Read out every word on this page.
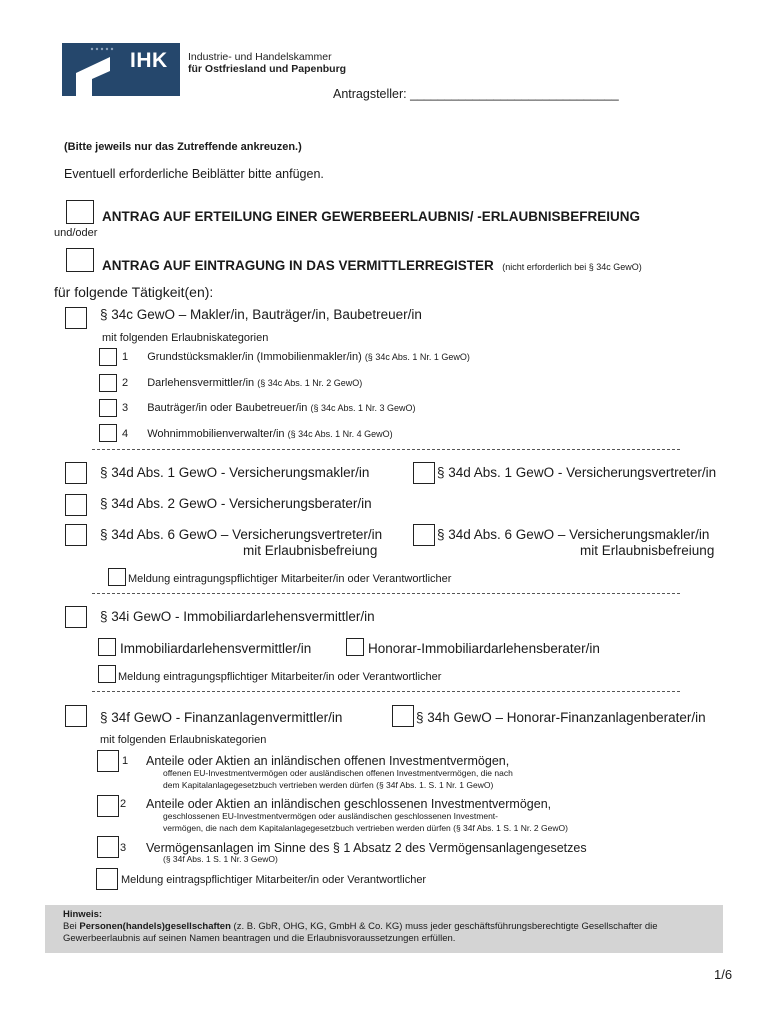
IHK Industrie- und Handelskammer
für Ostfriesland und Papenburg
Antragsteller: ______________________________
(Bitte jeweils nur das Zutreffende ankreuzen.)
Eventuell erforderliche Beiblätter bitte anfügen.
ANTRAG AUF ERTEILUNG EINER GEWERBEERLAUBNIS/ -ERLAUBNISBEFREIUNG
und/oder
ANTRAG AUF EINTRAGUNG IN DAS VERMITTLERREGISTER (nicht erforderlich bei § 34c GewO)
für folgende Tätigkeit(en):
§ 34c GewO – Makler/in, Bauträger/in, Baubetreuer/in
mit folgenden Erlaubniskategorien
1 Grundstücksmakler/in (Immobilienmakler/in) (§ 34c Abs. 1 Nr. 1 GewO)
2 Darlehensvermittler/in (§ 34c Abs. 1 Nr. 2 GewO)
3 Bauträger/in oder Baubetreuer/in (§ 34c Abs. 1 Nr. 3 GewO)
4 Wohnimmobilienverwalter/in (§ 34c Abs. 1 Nr. 4 GewO)
§ 34d Abs. 1 GewO - Versicherungsmakler/in	§ 34d Abs. 1 GewO - Versicherungsvertreter/in
§ 34d Abs. 2 GewO - Versicherungsberater/in
§ 34d Abs. 6 GewO – Versicherungsvertreter/in
mit Erlaubnisbefreiung
§ 34d Abs. 6 GewO – Versicherungsmakler/in
mit Erlaubnisbefreiung
Meldung eintragungspflichtiger Mitarbeiter/in oder Verantwortlicher
§ 34i GewO - Immobiliardarlehensvermittler/in
Immobiliardarlehensvermittler/in	Honorar-Immobiliardarlehensberater/in
Meldung eintragungspflichtiger Mitarbeiter/in oder Verantwortlicher
§ 34f GewO - Finanzanlagenvermittler/in	§ 34h GewO – Honorar-Finanzanlagenberater/in
mit folgenden Erlaubniskategorien
1 Anteile oder Aktien an inländischen offenen Investmentvermögen,
offenen EU-Investmentvermögen oder ausländischen offenen Investmentvermögen, die nach
dem Kapitalanlagegesetzbuch vertrieben werden dürfen (§ 34f Abs. 1. S. 1 Nr. 1 GewO)
2 Anteile oder Aktien an inländischen geschlossenen Investmentvermögen,
geschlossenen EU-Investmentvermögen oder ausländischen geschlossenen Investment-
vermögen, die nach dem Kapitalanlagegesetzbuch vertrieben werden dürfen (§ 34f Abs. 1 S. 1 Nr. 2 GewO)
3 Vermögensanlagen im Sinne des § 1 Absatz 2 des Vermögensanlagengesetzes
(§ 34f Abs. 1 S. 1 Nr. 3 GewO)
Meldung eintragspflichtiger Mitarbeiter/in oder Verantwortlicher
Hinweis:
Bei Personen(handels)gesellschaften (z. B. GbR, OHG, KG, GmbH & Co. KG) muss jeder geschäftsführungsberechtigte Gesellschafter die
Gewerbeerlaubnis auf seinen Namen beantragen und die Erlaubnisvoraussetzungen erfüllen.
1/6
